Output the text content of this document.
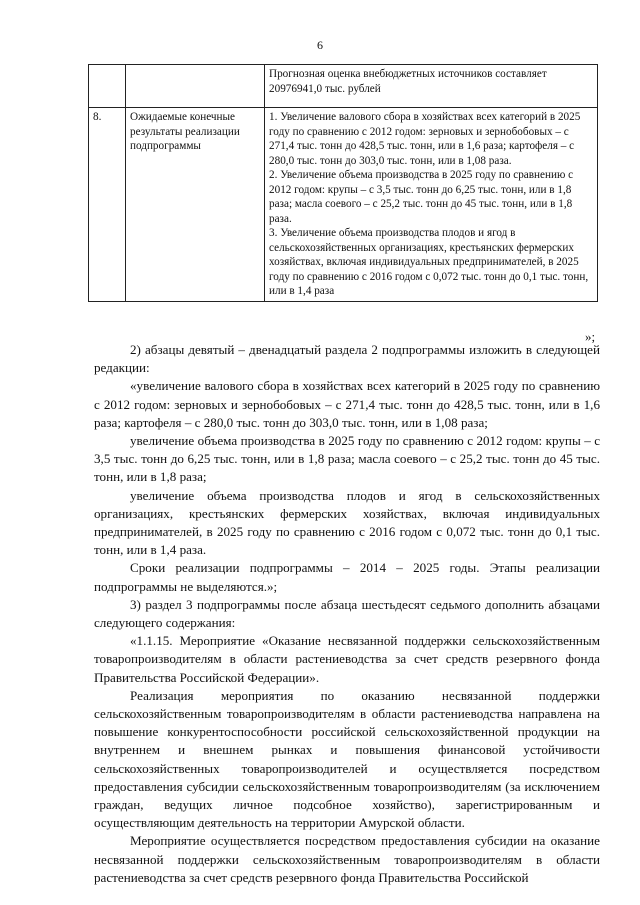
6
		Прогнозная оценка внебюджетных источников составляет 20976941,0 тыс. рублей
8.	Ожидаемые конечные результаты реализации подпрограммы	1. Увеличение валового сбора в хозяйствах всех категорий в 2025 году по сравнению с 2012 годом: зерновых и зернобобовых – с 271,4 тыс. тонн до 428,5 тыс. тонн, или в 1,6 раза; картофеля – с 280,0 тыс. тонн до 303,0 тыс. тонн, или в 1,08 раза.
2. Увеличение объема производства в 2025 году по сравнению с 2012 годом: крупы – с 3,5 тыс. тонн до 6,25 тыс. тонн, или в 1,8 раза; масла соевого – с 25,2 тыс. тонн до 45 тыс. тонн, или в 1,8 раза.
3. Увеличение объема производства плодов и ягод в сельскохозяйственных организациях, крестьянских фермерских хозяйствах, включая индивидуальных предпринимателей, в 2025 году по сравнению с 2016 годом с 0,072 тыс. тонн до 0,1 тыс. тонн, или в 1,4 раза
»;

2) абзацы девятый – двенадцатый раздела 2 подпрограммы изложить в следующей редакции:

«увеличение валового сбора в хозяйствах всех категорий в 2025 году по сравнению с 2012 годом: зерновых и зернобобовых – с 271,4 тыс. тонн до 428,5 тыс. тонн, или в 1,6 раза; картофеля – с 280,0 тыс. тонн до 303,0 тыс. тонн, или в 1,08 раза;

увеличение объема производства в 2025 году по сравнению с 2012 годом: крупы – с 3,5 тыс. тонн до 6,25 тыс. тонн, или в 1,8 раза; масла соевого – с 25,2 тыс. тонн до 45 тыс. тонн, или в 1,8 раза;

увеличение объема производства плодов и ягод в сельскохозяйственных организациях, крестьянских фермерских хозяйствах, включая индивидуальных предпринимателей, в 2025 году по сравнению с 2016 годом с 0,072 тыс. тонн до 0,1 тыс. тонн, или в 1,4 раза.

Сроки реализации подпрограммы – 2014 – 2025 годы. Этапы реализации подпрограммы не выделяются.»;

3) раздел 3 подпрограммы после абзаца шестьдесят седьмого дополнить абзацами следующего содержания:

«1.1.15. Мероприятие «Оказание несвязанной поддержки сельскохозяйственным товаропроизводителям в области растениеводства за счет средств резервного фонда Правительства Российской Федерации».

Реализация мероприятия по оказанию несвязанной поддержки сельскохозяйственным товаропроизводителям в области растениеводства направлена на повышение конкурентоспособности российской сельскохозяйственной продукции на внутреннем и внешнем рынках и повышения финансовой устойчивости сельскохозяйственных товаропроизводителей и осуществляется посредством предоставления субсидии сельскохозяйственным товаропроизводителям (за исключением граждан, ведущих личное подсобное хозяйство), зарегистрированным и осуществляющим деятельность на территории Амурской области.

Мероприятие осуществляется посредством предоставления субсидии на оказание несвязанной поддержки сельскохозяйственным товаропроизводителям в области растениеводства за счет средств резервного фонда Правительства Российской
